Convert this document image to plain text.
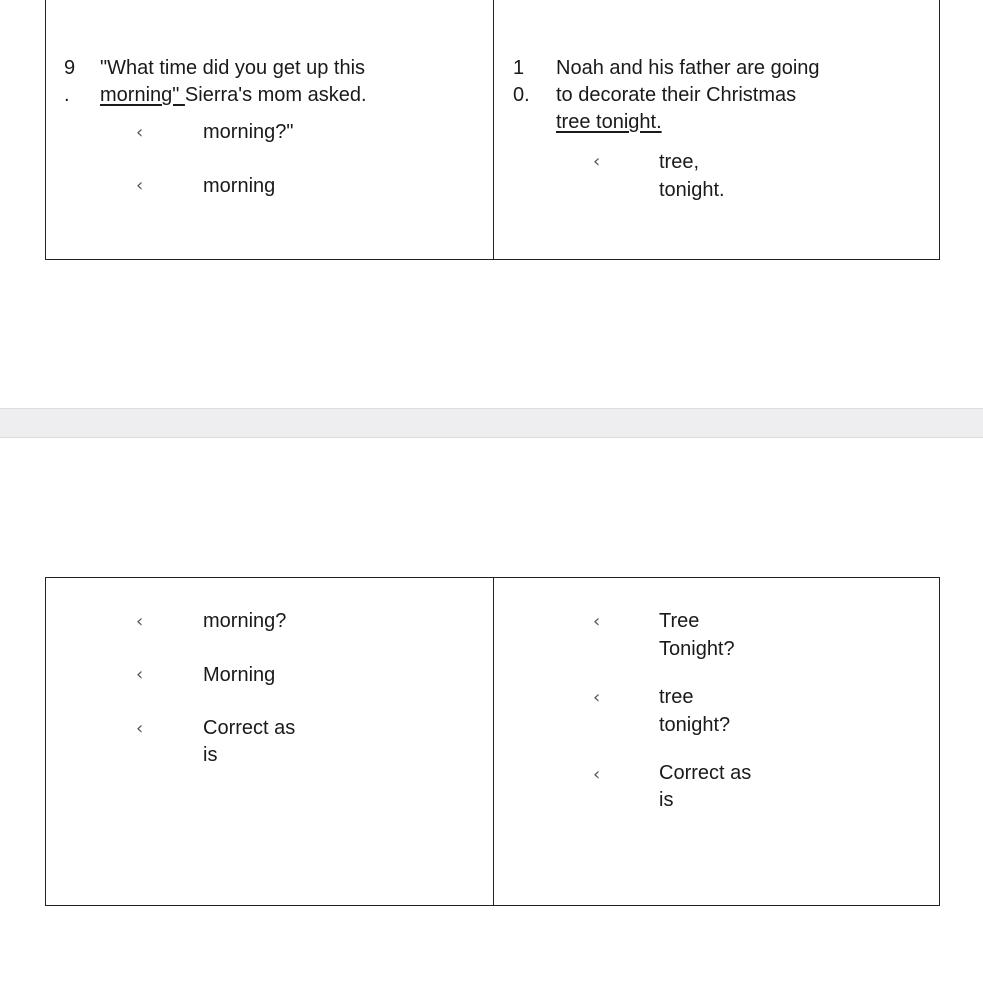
9
.
"What time did you get up this
morning" Sierra's mom asked.
‹	morning?"
‹	morning
1
0.
Noah and his father are going
to decorate their Christmas
tree tonight.
‹	tree,
tonight.
‹	morning?
‹	Morning
‹	Correct as
is
‹	Tree
Tonight?
‹	tree
tonight?
‹	Correct as
is
